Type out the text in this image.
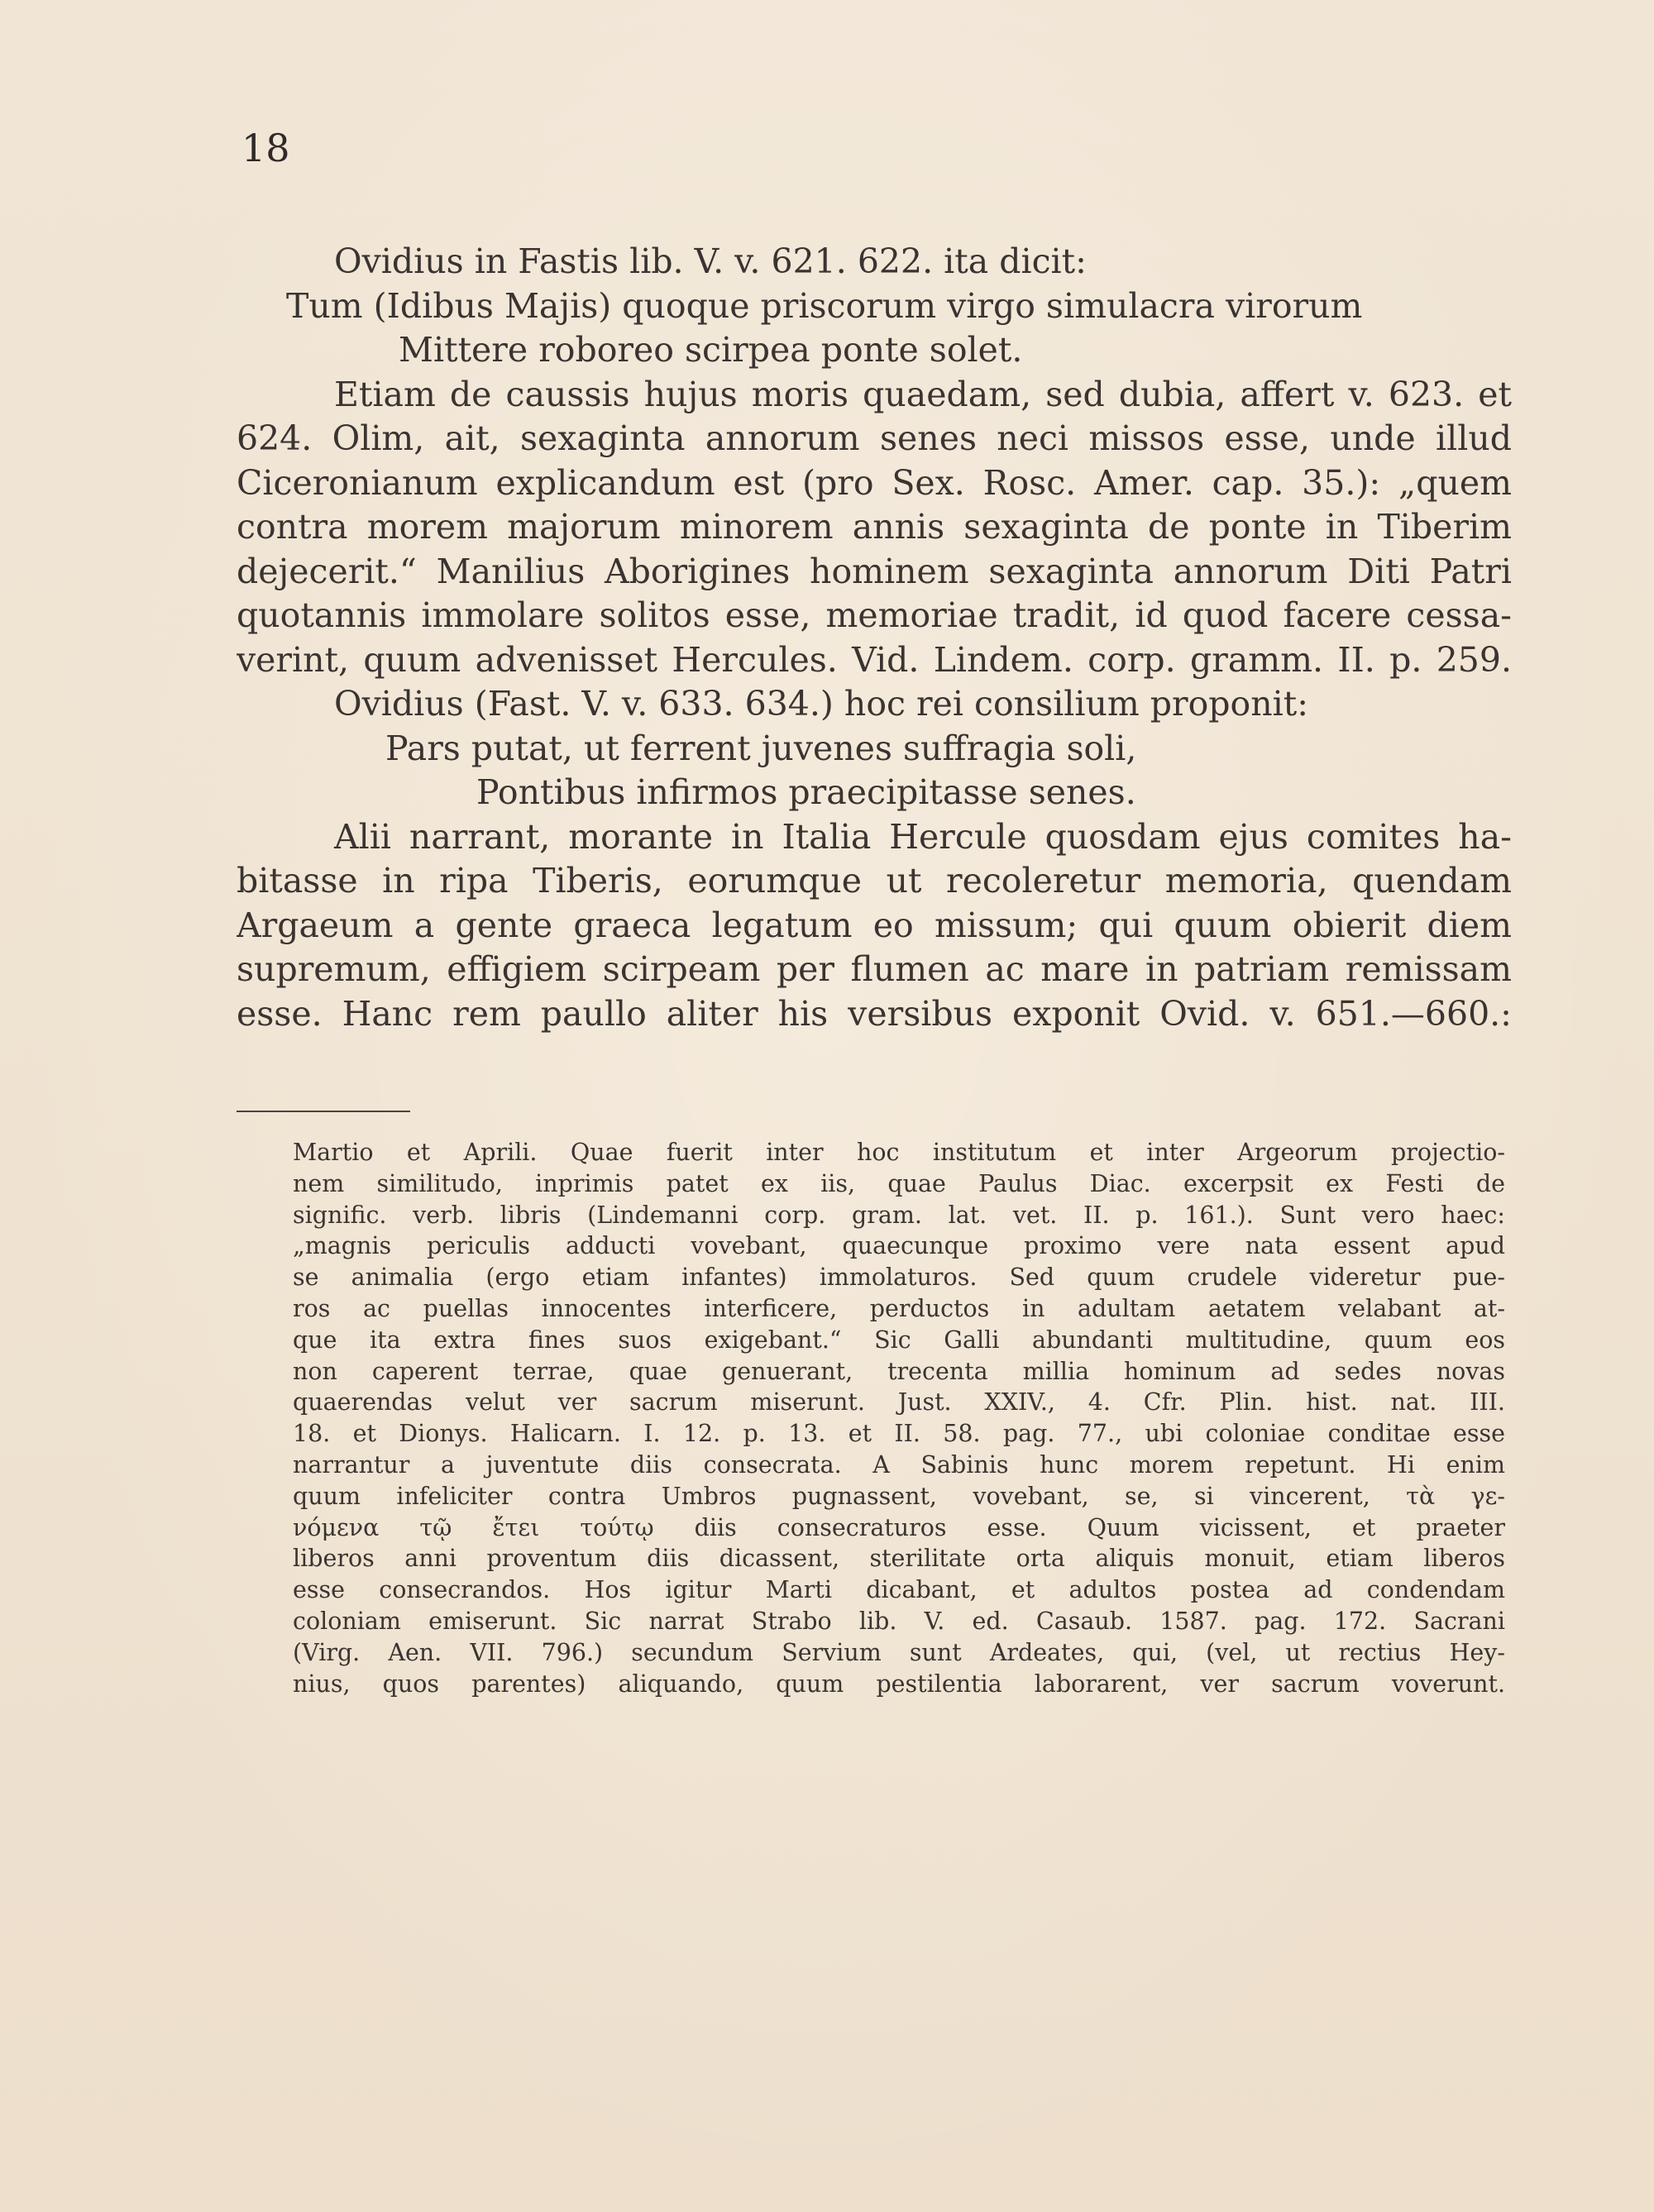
18
Ovidius in Fastis lib. V. v. 621. 622. ita dicit:
Tum (Idibus Majis) quoque priscorum virgo simulacra virorum
Mittere roboreo scirpea ponte solet.
Etiam de caussis hujus moris quaedam, sed dubia, affert v. 623. et
624. Olim, ait, sexaginta annorum senes neci missos esse, unde illud
Ciceronianum explicandum est (pro Sex. Rosc. Amer. cap. 35.): „quem
contra morem majorum minorem annis sexaginta de ponte in Tiberim
dejecerit.“ Manilius Aborigines hominem sexaginta annorum Diti Patri
quotannis immolare solitos esse, memoriae tradit, id quod facere cessa-
verint, quum advenisset Hercules. Vid. Lindem. corp. gramm. II. p. 259.
Ovidius (Fast. V. v. 633. 634.) hoc rei consilium proponit:
Pars putat, ut ferrent juvenes suffragia soli,
Pontibus infirmos praecipitasse senes.
Alii narrant, morante in Italia Hercule quosdam ejus comites ha-
bitasse in ripa Tiberis, eorumque ut recoleretur memoria, quendam
Argaeum a gente graeca legatum eo missum; qui quum obierit diem
supremum, effigiem scirpeam per flumen ac mare in patriam remissam
esse. Hanc rem paullo aliter his versibus exponit Ovid. v. 651.—660.:
Martio et Aprili. Quae fuerit inter hoc institutum et inter Argeorum projectio-
nem similitudo, inprimis patet ex iis, quae Paulus Diac. excerpsit ex Festi de
signific. verb. libris (Lindemanni corp. gram. lat. vet. II. p. 161.). Sunt vero haec:
„magnis periculis adducti vovebant, quaecunque proximo vere nata essent apud
se animalia (ergo etiam infantes) immolaturos. Sed quum crudele videretur pue-
ros ac puellas innocentes interficere, perductos in adultam aetatem velabant at-
que ita extra fines suos exigebant.“ Sic Galli abundanti multitudine, quum eos
non caperent terrae, quae genuerant, trecenta millia hominum ad sedes novas
quaerendas velut ver sacrum miserunt. Just. XXIV., 4. Cfr. Plin. hist. nat. III.
18. et Dionys. Halicarn. I. 12. p. 13. et II. 58. pag. 77., ubi coloniae conditae esse
narrantur a juventute diis consecrata. A Sabinis hunc morem repetunt. Hi enim
quum infeliciter contra Umbros pugnassent, vovebant, se, si vincerent, τὰ γε-
νόμενα τῷ ἔτει τούτῳ diis consecraturos esse. Quum vicissent, et praeter
liberos anni proventum diis dicassent, sterilitate orta aliquis monuit, etiam liberos
esse consecrandos. Hos igitur Marti dicabant, et adultos postea ad condendam
coloniam emiserunt. Sic narrat Strabo lib. V. ed. Casaub. 1587. pag. 172. Sacrani
(Virg. Aen. VII. 796.) secundum Servium sunt Ardeates, qui, (vel, ut rectius Hey-
nius, quos parentes) aliquando, quum pestilentia laborarent, ver sacrum voverunt.
